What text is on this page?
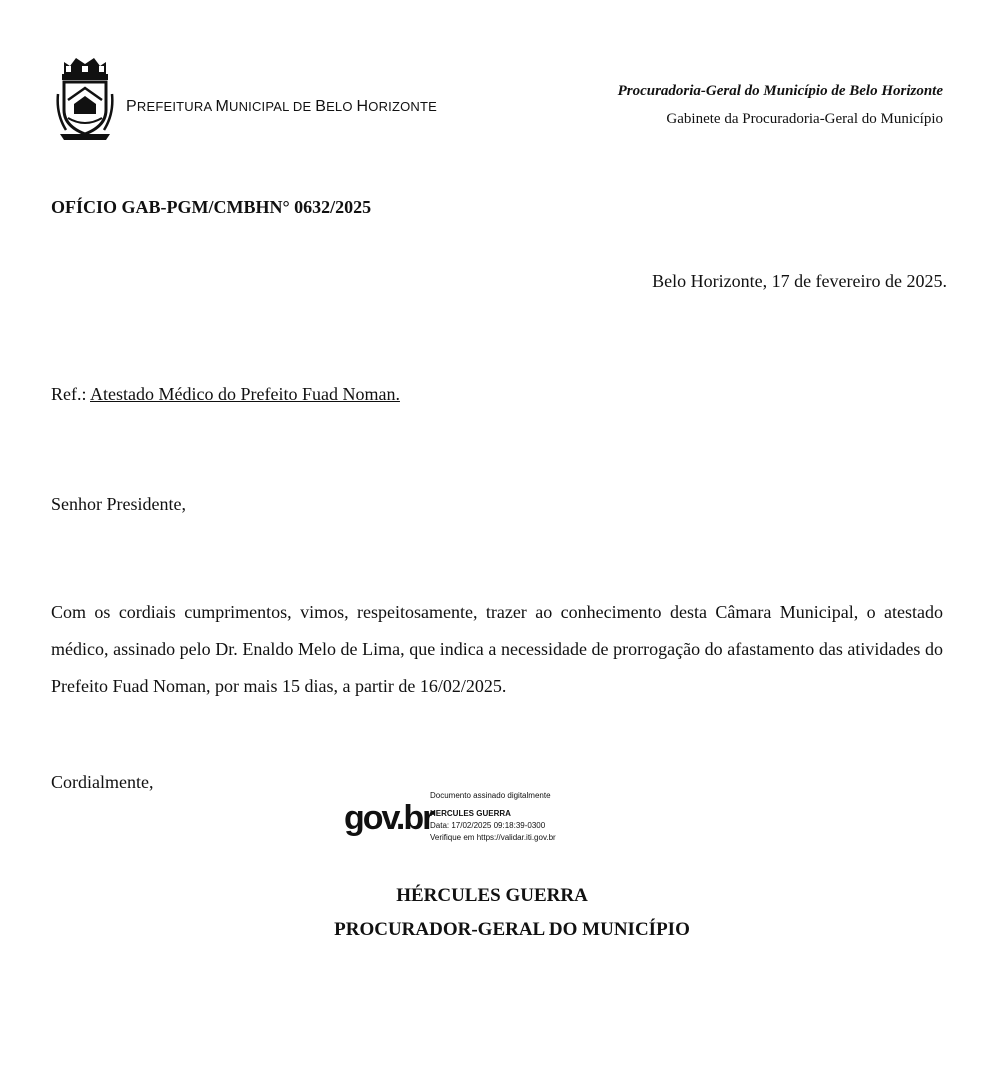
PREFEITURA MUNICIPAL DE BELO HORIZONTE
Procuradoria-Geral do Município de Belo Horizonte
Gabinete da Procuradoria-Geral do Município
OFÍCIO GAB-PGM/CMBHN° 0632/2025
Belo Horizonte, 17 de fevereiro de 2025.
Ref.: Atestado Médico do Prefeito Fuad Noman.
Senhor Presidente,
Com os cordiais cumprimentos, vimos, respeitosamente, trazer ao conhecimento desta Câmara Municipal, o atestado médico, assinado pelo Dr. Enaldo Melo de Lima, que indica a necessidade de prorrogação do afastamento das atividades do Prefeito Fuad Noman, por mais 15 dias, a partir de 16/02/2025.
Cordialmente,
gov.br
Documento assinado digitalmente
HERCULES GUERRA
Data: 17/02/2025 09:18:39-0300
Verifique em https://validar.iti.gov.br
HÉRCULES GUERRA
PROCURADOR-GERAL DO MUNICÍPIO
